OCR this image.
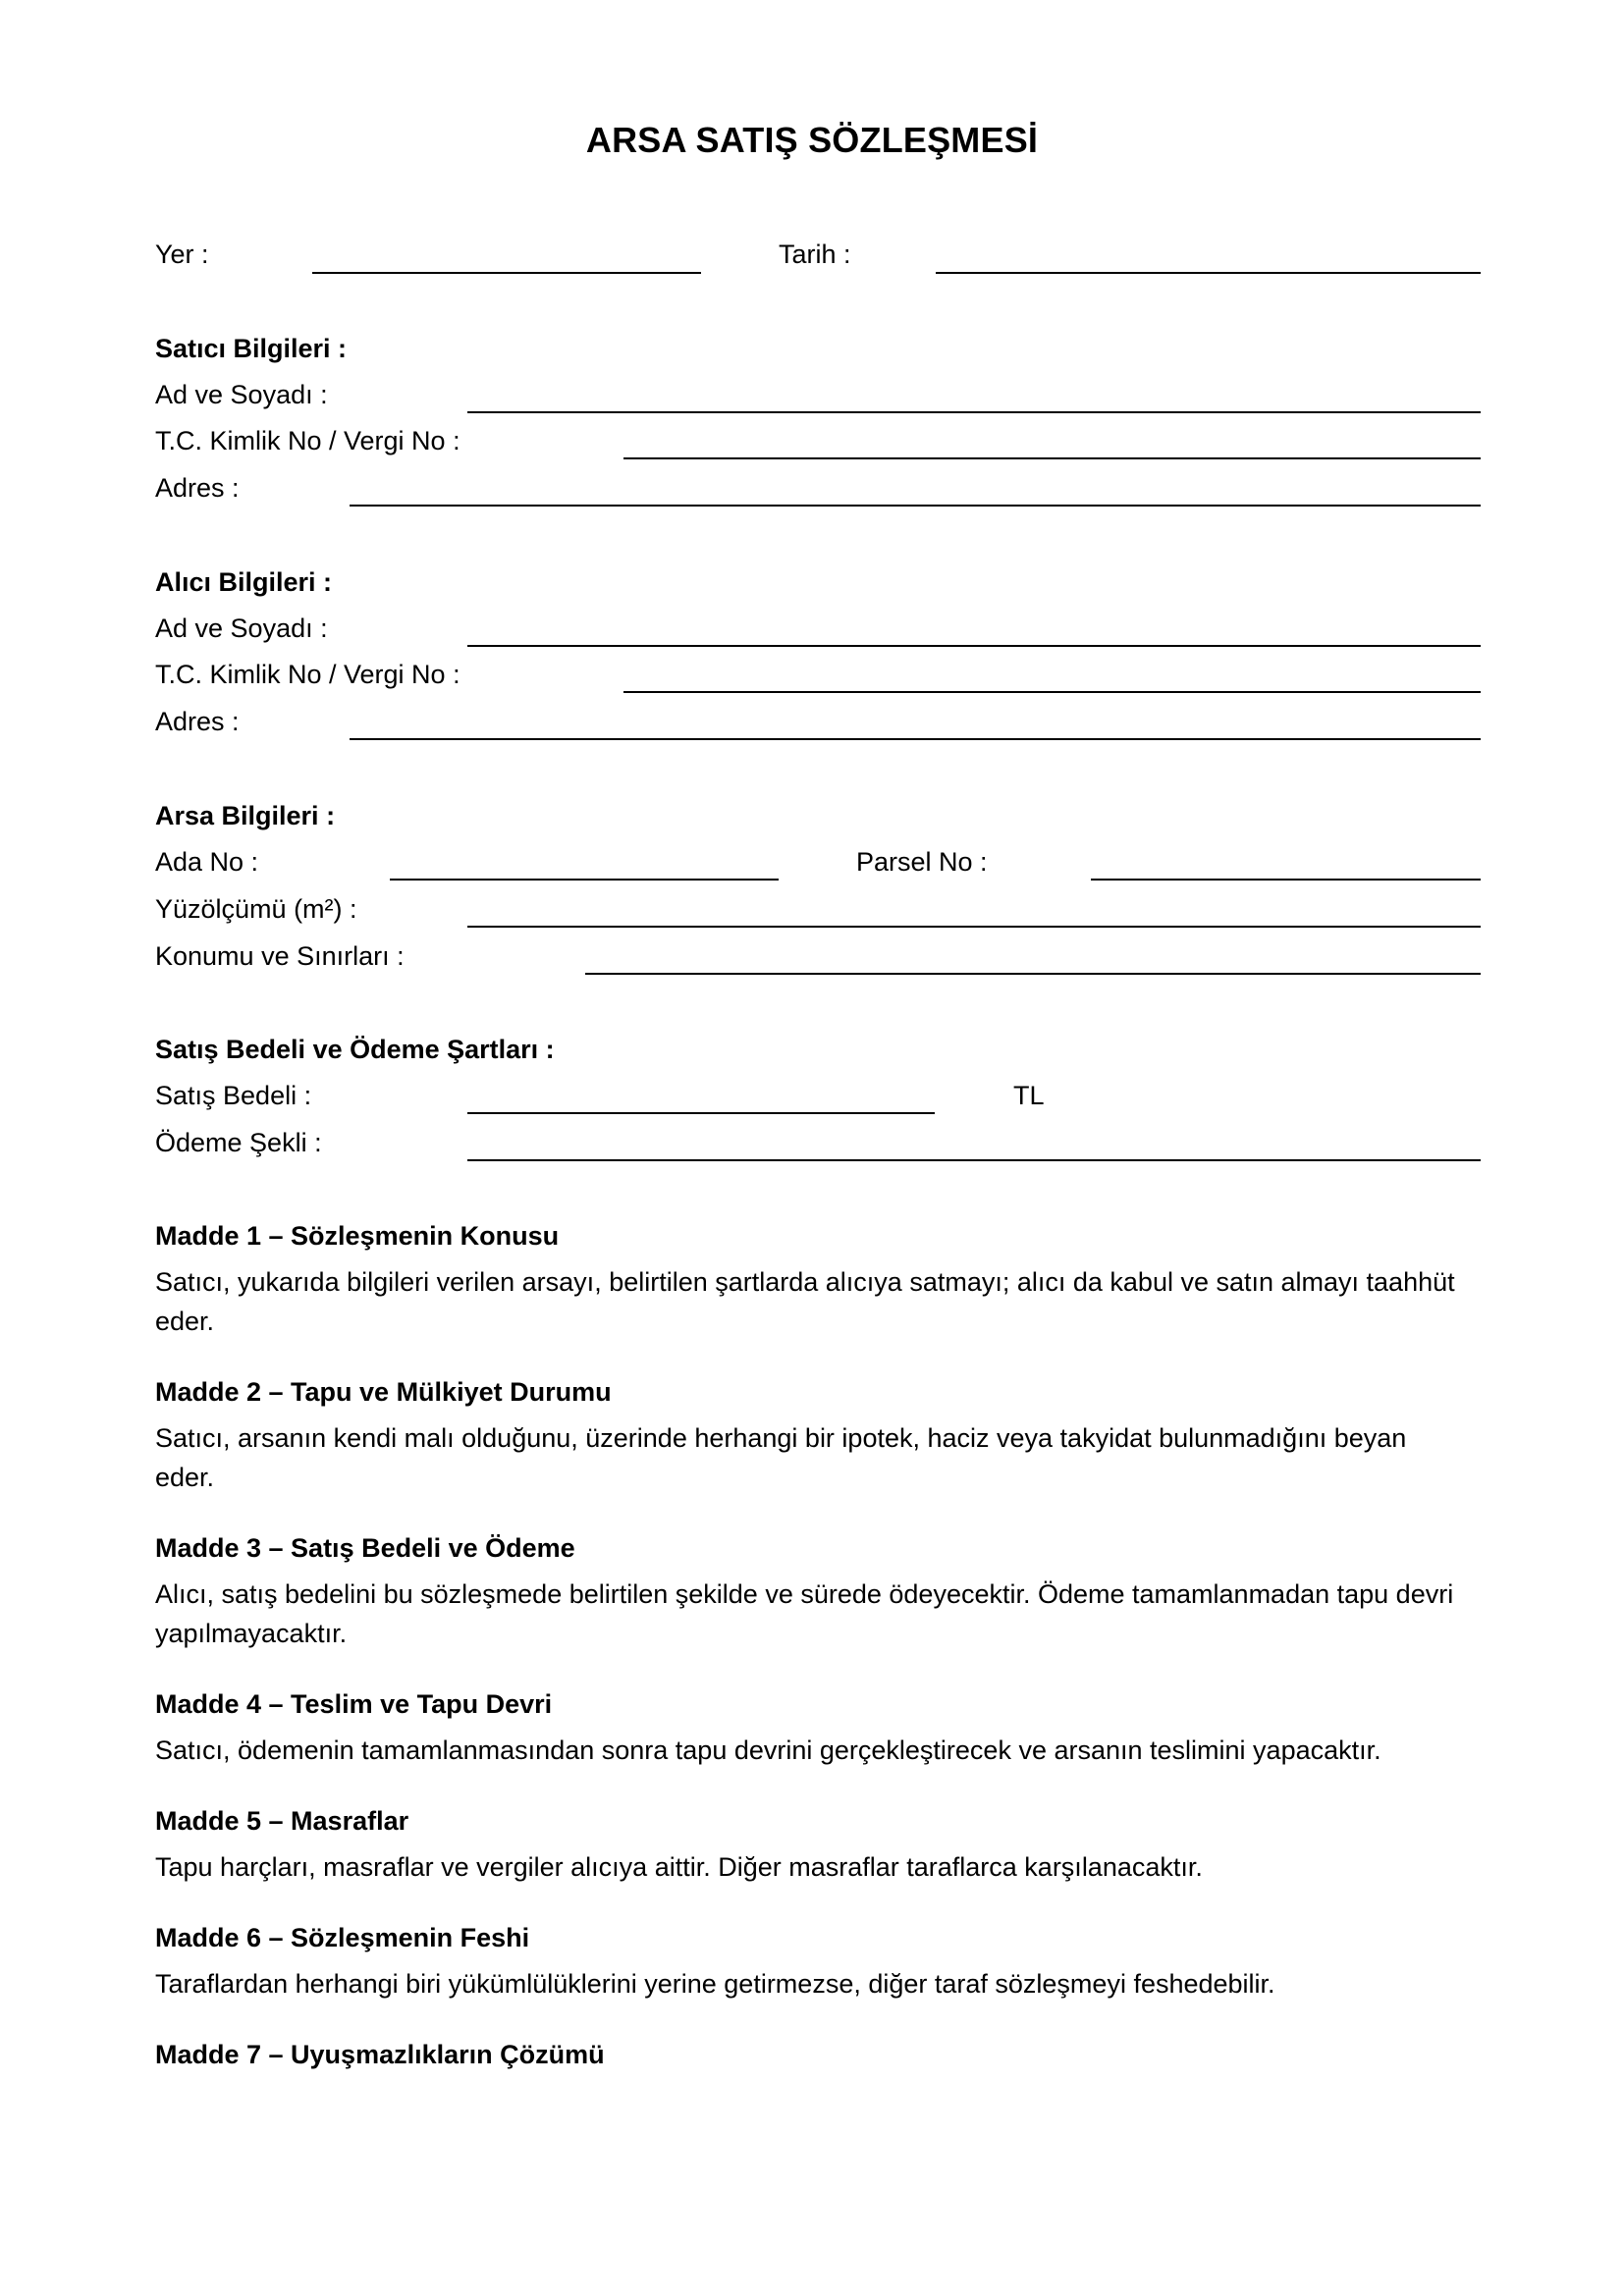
ARSA SATIŞ SÖZLEŞMESİ
Yer :	Tarih :
Satıcı Bilgileri :
Ad ve Soyadı :
T.C. Kimlik No / Vergi No :
Adres :
Alıcı Bilgileri :
Ad ve Soyadı :
T.C. Kimlik No / Vergi No :
Adres :
Arsa Bilgileri :
Ada No :	Parsel No :
Yüzölçümü (m²) :
Konumu ve Sınırları :
Satış Bedeli ve Ödeme Şartları :
Satış Bedeli :	TL
Ödeme Şekli :
Madde 1 – Sözleşmenin Konusu
Satıcı, yukarıda bilgileri verilen arsayı, belirtilen şartlarda alıcıya satmayı; alıcı da kabul ve satın almayı taahhüt eder.
Madde 2 – Tapu ve Mülkiyet Durumu
Satıcı, arsanın kendi malı olduğunu, üzerinde herhangi bir ipotek, haciz veya takyidat bulunmadığını beyan eder.
Madde 3 – Satış Bedeli ve Ödeme
Alıcı, satış bedelini bu sözleşmede belirtilen şekilde ve sürede ödeyecektir. Ödeme tamamlanmadan tapu devri yapılmayacaktır.
Madde 4 – Teslim ve Tapu Devri
Satıcı, ödemenin tamamlanmasından sonra tapu devrini gerçekleştirecek ve arsanın teslimini yapacaktır.
Madde 5 – Masraflar
Tapu harçları, masraflar ve vergiler alıcıya aittir. Diğer masraflar taraflarca karşılanacaktır.
Madde 6 – Sözleşmenin Feshi
Taraflardan herhangi biri yükümlülüklerini yerine getirmezse, diğer taraf sözleşmeyi feshedebilir.
Madde 7 – Uyuşmazlıkların Çözümü
